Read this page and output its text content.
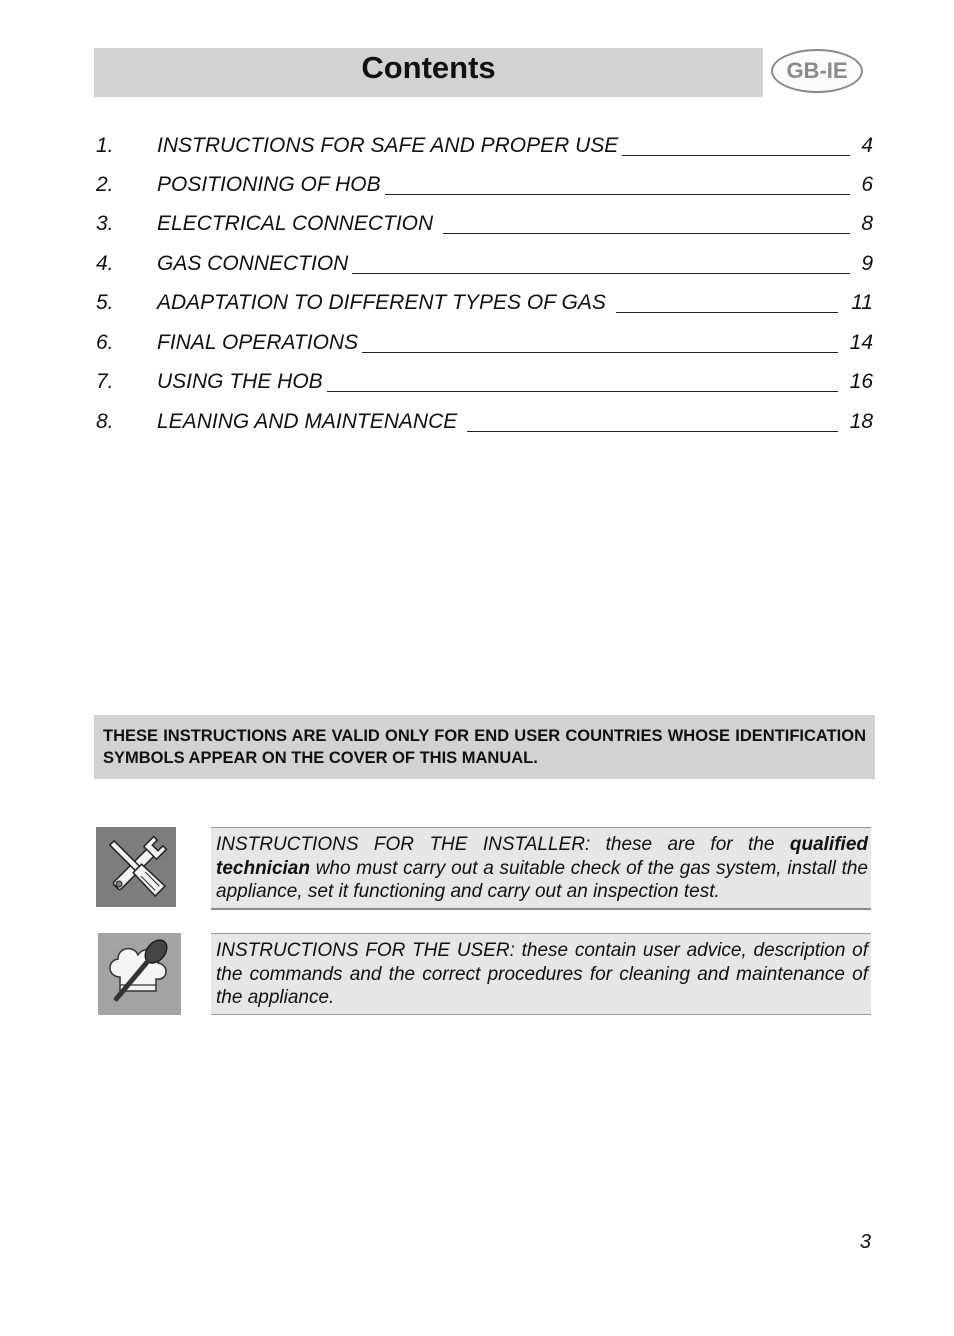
Contents	GB-IE
1. INSTRUCTIONS FOR SAFE AND PROPER USE	4
2. POSITIONING OF HOB	6
3. ELECTRICAL CONNECTION	8
4. GAS CONNECTION	9
5. ADAPTATION TO DIFFERENT TYPES OF GAS	11
6. FINAL OPERATIONS	14
7. USING THE HOB	16
8. LEANING AND MAINTENANCE	18
THESE INSTRUCTIONS ARE VALID ONLY FOR END USER COUNTRIES WHOSE IDENTIFICATION SYMBOLS APPEAR ON THE COVER OF THIS MANUAL.
INSTRUCTIONS FOR THE INSTALLER: these are for the qualified technician who must carry out a suitable check of the gas system, install the appliance, set it functioning and carry out an inspection test.
INSTRUCTIONS FOR THE USER: these contain user advice, description of the commands and the correct procedures for cleaning and maintenance of the appliance.
3
